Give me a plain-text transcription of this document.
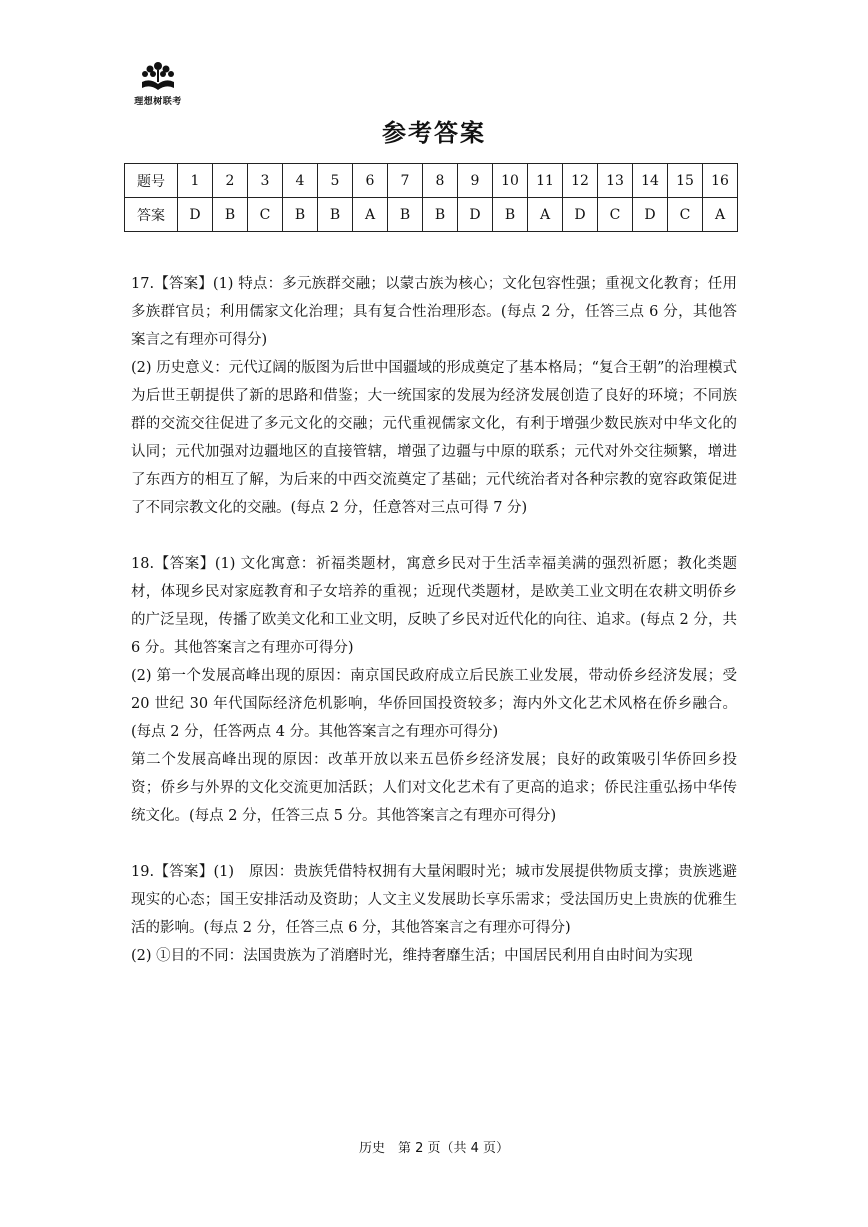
理想树联考
参考答案
题号	1	2	3	4	5	6	7	8	9	10	11	12	13	14	15	16
答案	D	B	C	B	B	A	B	B	D	B	A	D	C	D	C	A

17.【答案】(1) 特点：多元族群交融；以蒙古族为核心；文化包容性强；重视文化教育；任用多族群官员；利用儒家文化治理；具有复合性治理形态。(每点 2 分，任答三点 6 分，其他答案言之有理亦可得分)

(2) 历史意义：元代辽阔的版图为后世中国疆域的形成奠定了基本格局；“复合王朝”的治理模式为后世王朝提供了新的思路和借鉴；大一统国家的发展为经济发展创造了良好的环境；不同族群的交流交往促进了多元文化的交融；元代重视儒家文化，有利于增强少数民族对中华文化的认同；元代加强对边疆地区的直接管辖，增强了边疆与中原的联系；元代对外交往频繁，增进了东西方的相互了解，为后来的中西交流奠定了基础；元代统治者对各种宗教的宽容政策促进了不同宗教文化的交融。(每点 2 分，任意答对三点可得 7 分)

18.【答案】(1) 文化寓意：祈福类题材，寓意乡民对于生活幸福美满的强烈祈愿；教化类题材，体现乡民对家庭教育和子女培养的重视；近现代类题材，是欧美工业文明在农耕文明侨乡的广泛呈现，传播了欧美文化和工业文明，反映了乡民对近代化的向往、追求。(每点 2 分，共 6 分。其他答案言之有理亦可得分)

(2) 第一个发展高峰出现的原因：南京国民政府成立后民族工业发展，带动侨乡经济发展；受 20 世纪 30 年代国际经济危机影响，华侨回国投资较多；海内外文化艺术风格在侨乡融合。(每点 2 分，任答两点 4 分。其他答案言之有理亦可得分)

第二个发展高峰出现的原因：改革开放以来五邑侨乡经济发展；良好的政策吸引华侨回乡投资；侨乡与外界的文化交流更加活跃；人们对文化艺术有了更高的追求；侨民注重弘扬中华传统文化。(每点 2 分，任答三点 5 分。其他答案言之有理亦可得分)

19.【答案】(1)　原因：贵族凭借特权拥有大量闲暇时光；城市发展提供物质支撑；贵族逃避现实的心态；国王安排活动及资助；人文主义发展助长享乐需求；受法国历史上贵族的优雅生活的影响。(每点 2 分，任答三点 6 分，其他答案言之有理亦可得分)

(2) ①目的不同：法国贵族为了消磨时光，维持奢靡生活；中国居民利用自由时间为实现

历史　第 2 页（共 4 页）
